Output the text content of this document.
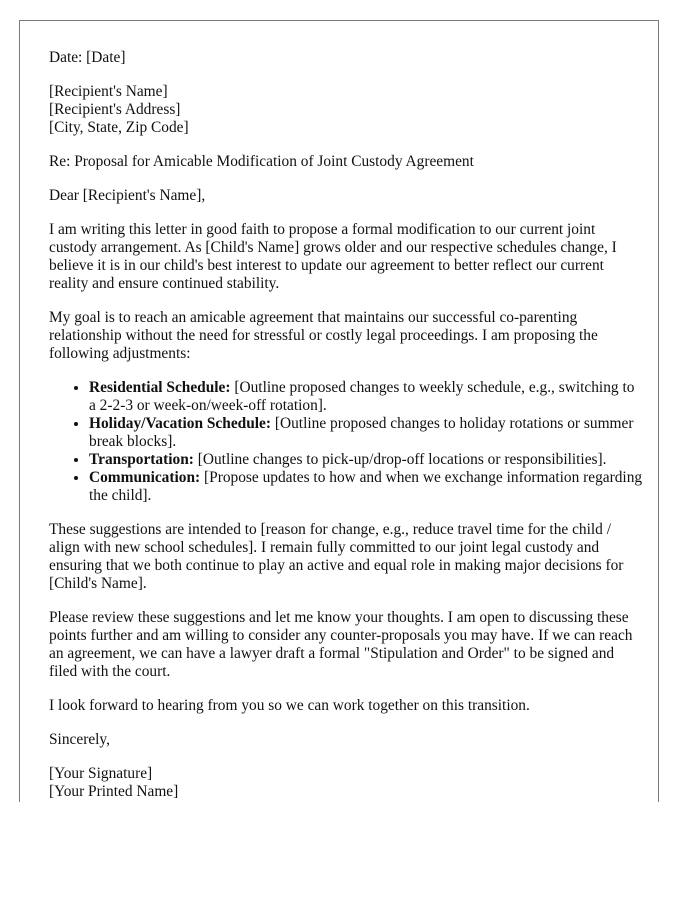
Date: [Date]

[Recipient's Name]
[Recipient's Address]
[City, State, Zip Code]

Re: Proposal for Amicable Modification of Joint Custody Agreement

Dear [Recipient's Name],

I am writing this letter in good faith to propose a formal modification to our current joint custody arrangement. As [Child's Name] grows older and our respective schedules change, I believe it is in our child's best interest to update our agreement to better reflect our current reality and ensure continued stability.

My goal is to reach an amicable agreement that maintains our successful co-parenting relationship without the need for stressful or costly legal proceedings. I am proposing the following adjustments:

• Residential Schedule: [Outline proposed changes to weekly schedule, e.g., switching to a 2-2-3 or week-on/week-off rotation].
• Holiday/Vacation Schedule: [Outline proposed changes to holiday rotations or summer break blocks].
• Transportation: [Outline changes to pick-up/drop-off locations or responsibilities].
• Communication: [Propose updates to how and when we exchange information regarding the child].

These suggestions are intended to [reason for change, e.g., reduce travel time for the child / align with new school schedules]. I remain fully committed to our joint legal custody and ensuring that we both continue to play an active and equal role in making major decisions for [Child's Name].

Please review these suggestions and let me know your thoughts. I am open to discussing these points further and am willing to consider any counter-proposals you may have. If we can reach an agreement, we can have a lawyer draft a formal "Stipulation and Order" to be signed and filed with the court.

I look forward to hearing from you so we can work together on this transition.

Sincerely,

[Your Signature]
[Your Printed Name]
